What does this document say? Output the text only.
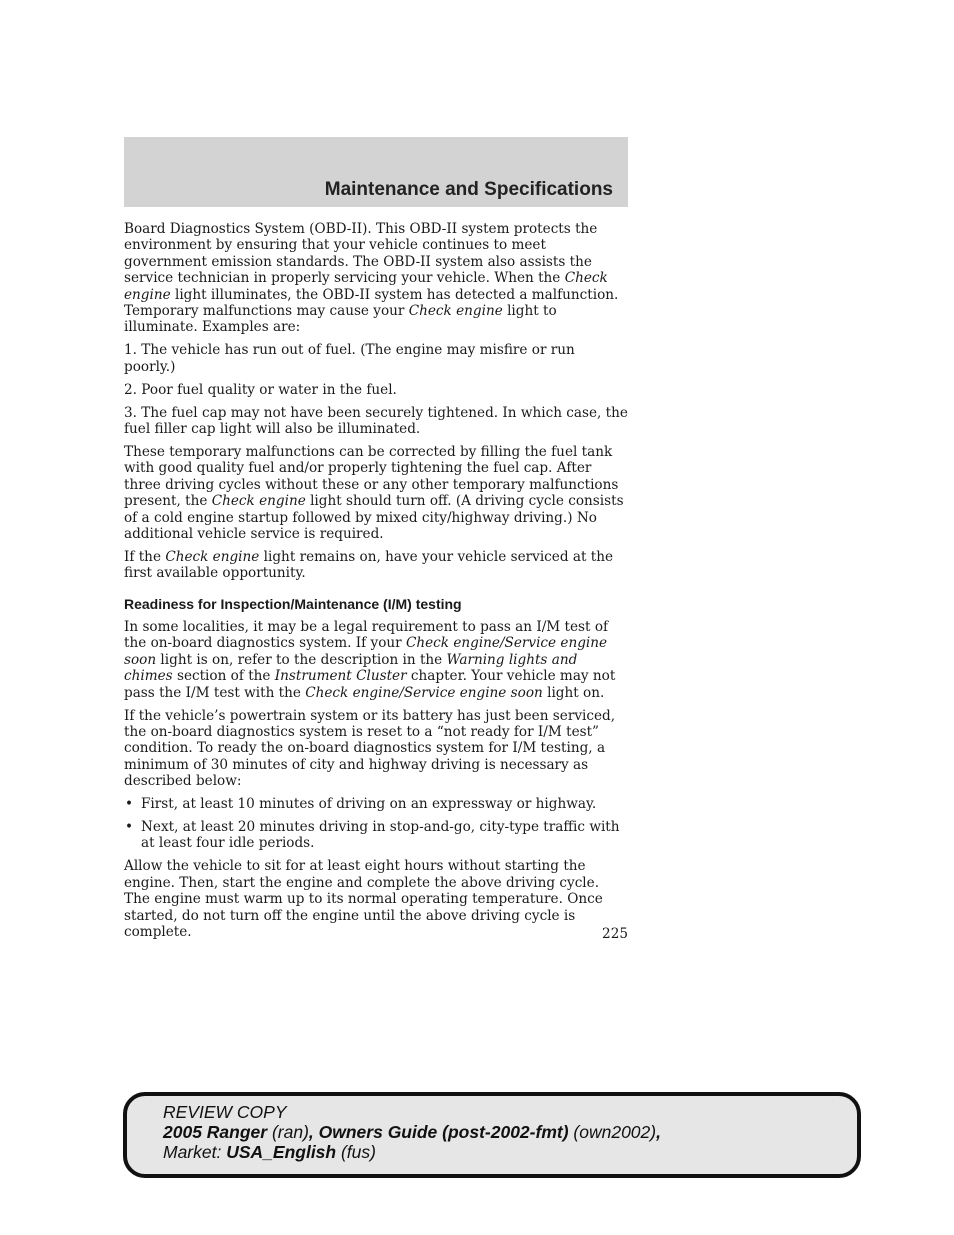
Maintenance and Specifications

Board Diagnostics System (OBD-II). This OBD-II system protects the environment by ensuring that your vehicle continues to meet government emission standards. The OBD-II system also assists the service technician in properly servicing your vehicle. When the Check engine light illuminates, the OBD-II system has detected a malfunction. Temporary malfunctions may cause your Check engine light to illuminate. Examples are:

1. The vehicle has run out of fuel. (The engine may misfire or run poorly.)

2. Poor fuel quality or water in the fuel.

3. The fuel cap may not have been securely tightened. In which case, the fuel filler cap light will also be illuminated.

These temporary malfunctions can be corrected by filling the fuel tank with good quality fuel and/or properly tightening the fuel cap. After three driving cycles without these or any other temporary malfunctions present, the Check engine light should turn off. (A driving cycle consists of a cold engine startup followed by mixed city/highway driving.) No additional vehicle service is required.

If the Check engine light remains on, have your vehicle serviced at the first available opportunity.

Readiness for Inspection/Maintenance (I/M) testing

In some localities, it may be a legal requirement to pass an I/M test of the on-board diagnostics system. If your Check engine/Service engine soon light is on, refer to the description in the Warning lights and chimes section of the Instrument Cluster chapter. Your vehicle may not pass the I/M test with the Check engine/Service engine soon light on.

If the vehicle’s powertrain system or its battery has just been serviced, the on-board diagnostics system is reset to a “not ready for I/M test” condition. To ready the on-board diagnostics system for I/M testing, a minimum of 30 minutes of city and highway driving is necessary as described below:

• First, at least 10 minutes of driving on an expressway or highway.
• Next, at least 20 minutes driving in stop-and-go, city-type traffic with at least four idle periods.

Allow the vehicle to sit for at least eight hours without starting the engine. Then, start the engine and complete the above driving cycle. The engine must warm up to its normal operating temperature. Once started, do not turn off the engine until the above driving cycle is complete.	225
REVIEW COPY
2005 Ranger (ran), Owners Guide (post-2002-fmt) (own2002),
Market: USA_English (fus)
